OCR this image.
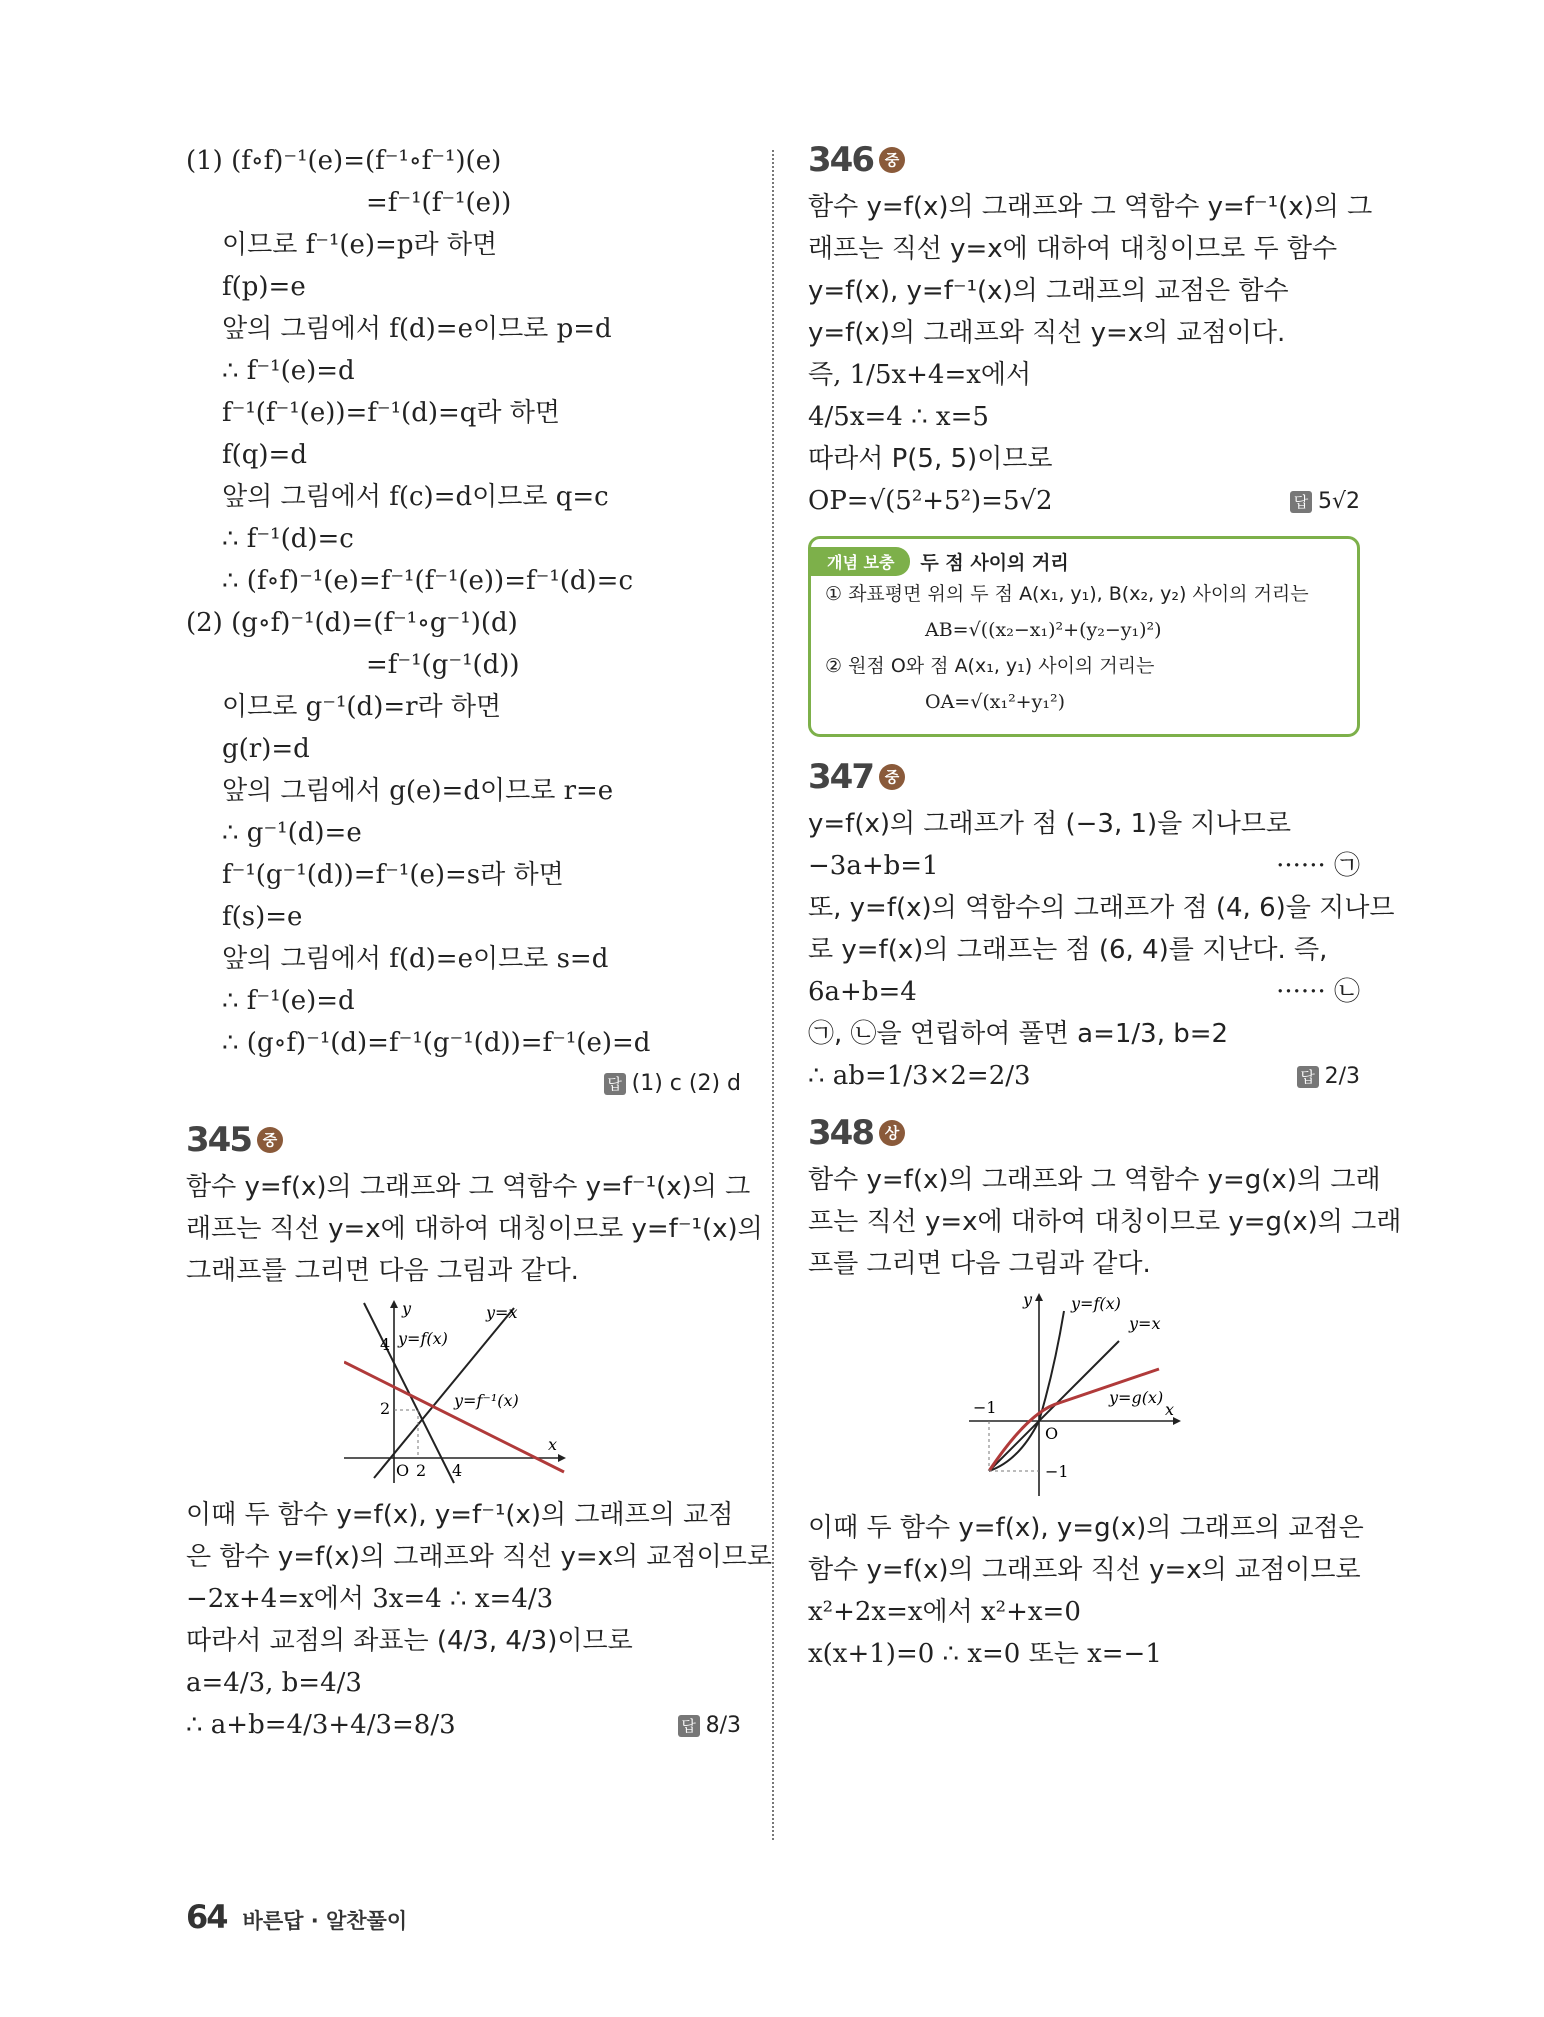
(1) (f∘f)⁻¹(e)=(f⁻¹∘f⁻¹)(e)
=f⁻¹(f⁻¹(e))
이므로 f⁻¹(e)=p라 하면
f(p)=e
앞의 그림에서 f(d)=e이므로 p=d
∴ f⁻¹(e)=d
f⁻¹(f⁻¹(e))=f⁻¹(d)=q라 하면
f(q)=d
앞의 그림에서 f(c)=d이므로 q=c
∴ f⁻¹(d)=c
∴ (f∘f)⁻¹(e)=f⁻¹(f⁻¹(e))=f⁻¹(d)=c
(2) (g∘f)⁻¹(d)=(f⁻¹∘g⁻¹)(d)
=f⁻¹(g⁻¹(d))
이므로 g⁻¹(d)=r라 하면
g(r)=d
앞의 그림에서 g(e)=d이므로 r=e
∴ g⁻¹(d)=e
f⁻¹(g⁻¹(d))=f⁻¹(e)=s라 하면
f(s)=e
앞의 그림에서 f(d)=e이므로 s=d
∴ f⁻¹(e)=d
∴ (g∘f)⁻¹(d)=f⁻¹(g⁻¹(d))=f⁻¹(e)=d
답 (1) c (2) d
345 중
함수 y=f(x)의 그래프와 그 역함수 y=f⁻¹(x)의 그
래프는 직선 y=x에 대하여 대칭이므로 y=f⁻¹(x)의
그래프를 그리면 다음 그림과 같다.
y
x
O 2 4
2
4
y=x
y=f(x)
y=f⁻¹(x)
이때 두 함수 y=f(x), y=f⁻¹(x)의 그래프의 교점
은 함수 y=f(x)의 그래프와 직선 y=x의 교점이므로
−2x+4=x에서 3x=4 ∴ x=4/3
따라서 교점의 좌표는 (4/3, 4/3)이므로
a=4/3, b=4/3
∴ a+b=4/3+4/3=8/3	답 8/3
346 중
함수 y=f(x)의 그래프와 그 역함수 y=f⁻¹(x)의 그
래프는 직선 y=x에 대하여 대칭이므로 두 함수
y=f(x), y=f⁻¹(x)의 그래프의 교점은 함수
y=f(x)의 그래프와 직선 y=x의 교점이다.
즉, 1/5x+4=x에서
4/5x=4 ∴ x=5
따라서 P(5, 5)이므로
OP=√(5²+5²)=5√2	답 5√2
개념 보충	두 점 사이의 거리
① 좌표평면 위의 두 점 A(x₁, y₁), B(x₂, y₂) 사이의 거리는
AB=√((x₂−x₁)²+(y₂−y₁)²)
② 원점 O와 점 A(x₁, y₁) 사이의 거리는
OA=√(x₁²+y₁²)
347 중
y=f(x)의 그래프가 점 (−3, 1)을 지나므로
−3a+b=1	······ ㉠
또, y=f(x)의 역함수의 그래프가 점 (4, 6)을 지나므
로 y=f(x)의 그래프는 점 (6, 4)를 지난다. 즉,
6a+b=4	······ ㉡
㉠, ㉡을 연립하여 풀면 a=1/3, b=2
∴ ab=1/3×2=2/3	답 2/3
348 상
함수 y=f(x)의 그래프와 그 역함수 y=g(x)의 그래
프는 직선 y=x에 대하여 대칭이므로 y=g(x)의 그래
프를 그리면 다음 그림과 같다.
y
x
O
y=f(x)
y=x
y=g(x)
−1
−1
이때 두 함수 y=f(x), y=g(x)의 그래프의 교점은
함수 y=f(x)의 그래프와 직선 y=x의 교점이므로
x²+2x=x에서 x²+x=0
x(x+1)=0 ∴ x=0 또는 x=−1
64 바른답 · 알찬풀이
